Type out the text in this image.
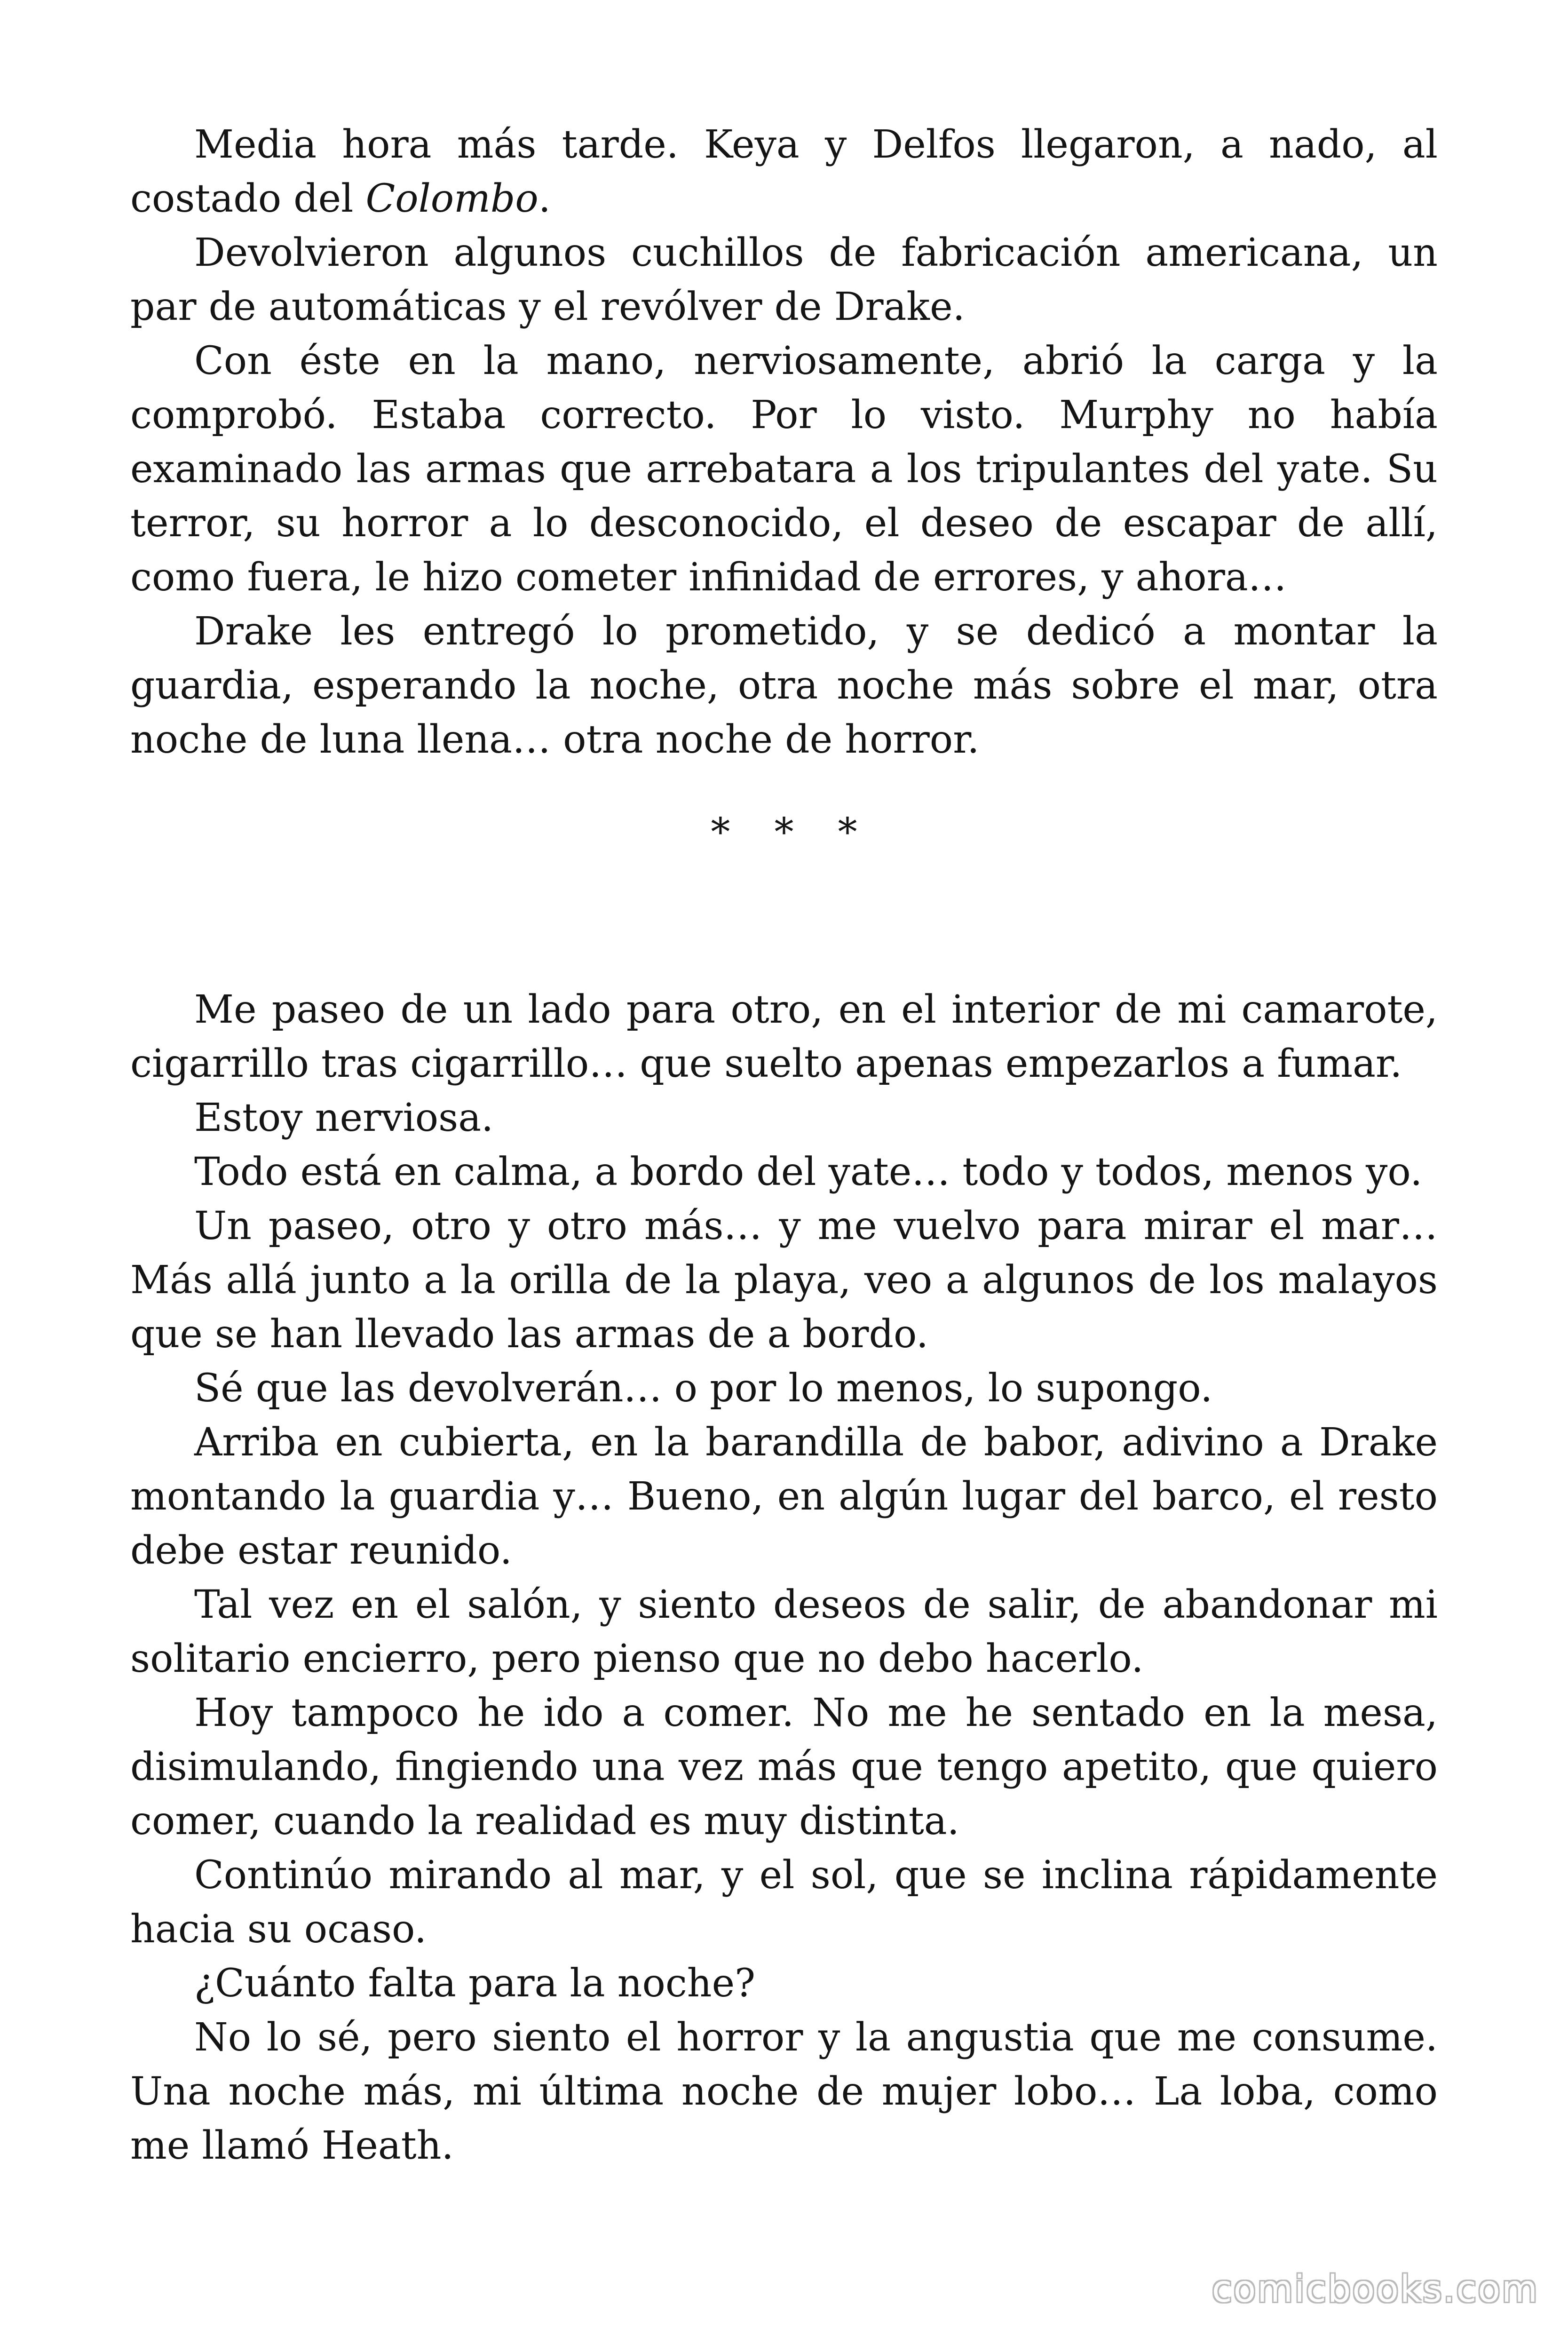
Media hora más tarde. Keya y Delfos llegaron, a nado, al costado del Colombo.

Devolvieron algunos cuchillos de fabricación americana, un par de automáticas y el revólver de Drake.

Con éste en la mano, nerviosamente, abrió la carga y la comprobó. Estaba correcto. Por lo visto. Murphy no había examinado las armas que arrebatara a los tripulantes del yate. Su terror, su horror a lo desconocido, el deseo de escapar de allí, como fuera, le hizo cometer infinidad de errores, y ahora…

Drake les entregó lo prometido, y se dedicó a montar la guardia, esperando la noche, otra noche más sobre el mar, otra noche de luna llena… otra noche de horror.

* * *

Me paseo de un lado para otro, en el interior de mi camarote, cigarrillo tras cigarrillo… que suelto apenas empezarlos a fumar.

Estoy nerviosa.

Todo está en calma, a bordo del yate… todo y todos, menos yo.

Un paseo, otro y otro más… y me vuelvo para mirar el mar… Más allá junto a la orilla de la playa, veo a algunos de los malayos que se han llevado las armas de a bordo.

Sé que las devolverán… o por lo menos, lo supongo.

Arriba en cubierta, en la barandilla de babor, adivino a Drake montando la guardia y… Bueno, en algún lugar del barco, el resto debe estar reunido.

Tal vez en el salón, y siento deseos de salir, de abandonar mi solitario encierro, pero pienso que no debo hacerlo.

Hoy tampoco he ido a comer. No me he sentado en la mesa, disimulando, fingiendo una vez más que tengo apetito, que quiero comer, cuando la realidad es muy distinta.

Continúo mirando al mar, y el sol, que se inclina rápidamente hacia su ocaso.

¿Cuánto falta para la noche?

No lo sé, pero siento el horror y la angustia que me consume. Una noche más, mi última noche de mujer lobo… La loba, como me llamó Heath.

comicbooks.com
